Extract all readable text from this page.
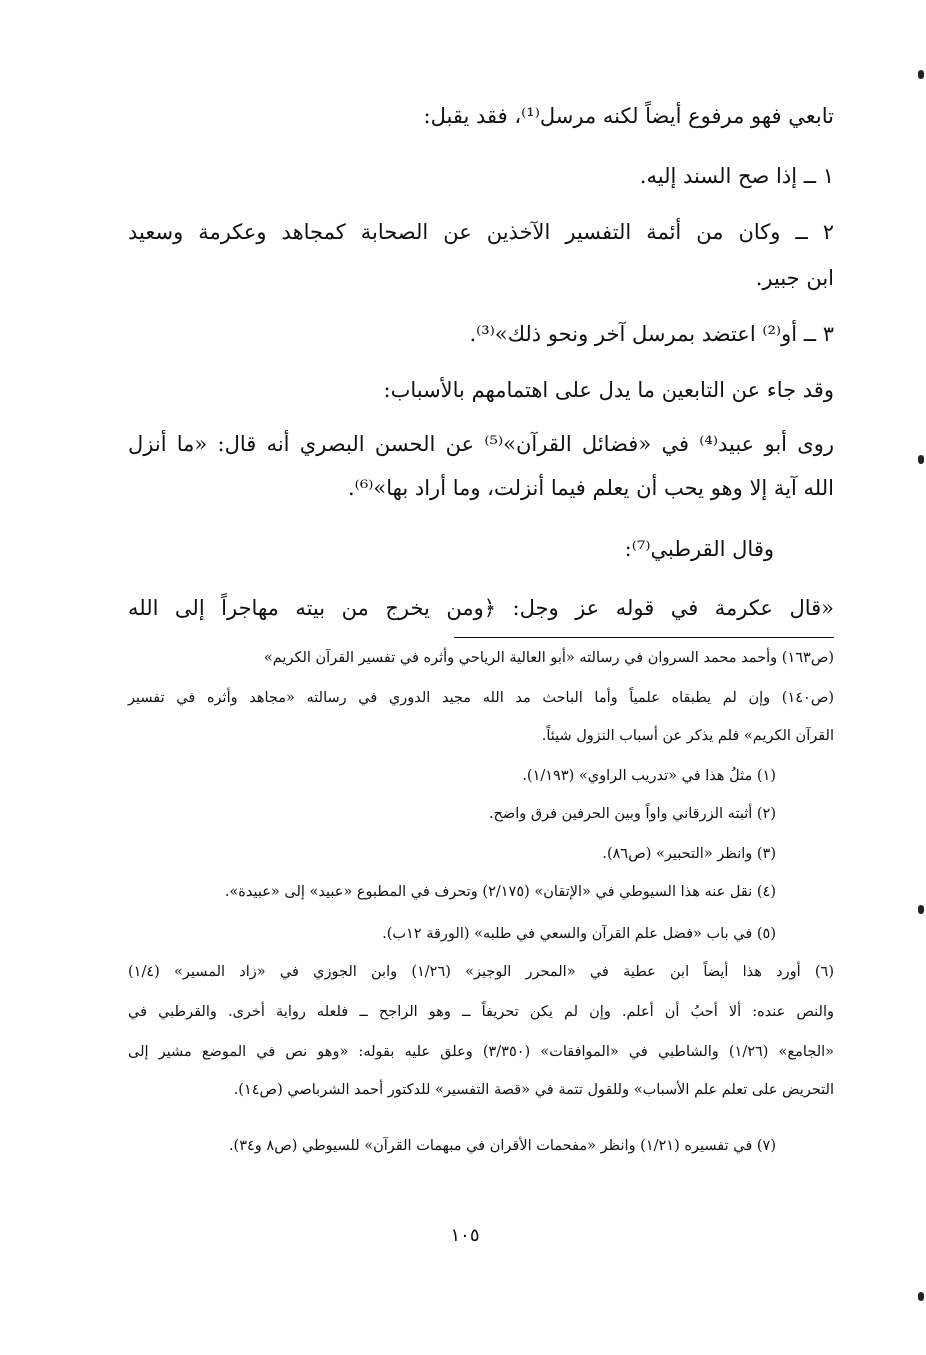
تابعي فهو مرفوع أيضاً لكنه مرسل⁽¹⁾، فقد يقبل:
١ ــ إذا صح السند إليه.
٢ ــ وكان من أئمة التفسير الآخذين عن الصحابة كمجاهد وعكرمة وسعيد
ابن جبير.
٣ ــ أو⁽²⁾ اعتضد بمرسل آخر ونحو ذلك»⁽³⁾.
وقد جاء عن التابعين ما يدل على اهتمامهم بالأسباب:
روى أبو عبيد⁽⁴⁾ في «فضائل القرآن»⁽⁵⁾ عن الحسن البصري أنه قال: «ما أنزل
الله آية إلا وهو يحب أن يعلم فيما أنزلت، وما أراد بها»⁽⁶⁾.
وقال القرطبي⁽⁷⁾:
«قال عكرمة في قوله عز وجل: ﴿ومن يخرج من بيته مهاجراً إلى الله
(ص١٦٣) وأحمد محمد السروان في رسالته «أبو العالية الرياحي وأثره في تفسير القرآن الكريم»
(ص١٤٠) وإن لم يطبقاه علمياً وأما الباحث مد الله مجيد الدوري في رسالته «مجاهد وأثره في تفسير
القرآن الكريم» فلم يذكر عن أسباب النزول شيئاً.
(١) مثلُ هذا في «تدريب الراوي» (١/١٩٣).
(٢) أثبته الزرقاني واواً وبين الحرفين فرق واضح.
(٣) وانظر «التحبير» (ص٨٦).
(٤) نقل عنه هذا السيوطي في «الإتقان» (٢/١٧٥) وتحرف في المطبوع «عبيد» إلى «عبيدة».
(٥) في باب «فضل علم القرآن والسعي في طلبه» (الورقة ١٢ب).
(٦) أورد هذا أيضاً ابن عطية في «المحرر الوجيز» (١/٢٦) وابن الجوزي في «زاد المسير» (١/٤)
والنص عنده: ألا أحبُ أن أعلم. وإن لم يكن تحريفاً ــ وهو الراجح ــ فلعله رواية أخرى. والقرطبي في
«الجامع» (١/٢٦) والشاطبي في «الموافقات» (٣/٣٥٠) وعلق عليه بقوله: «وهو نص في الموضع مشير إلى
التحريض على تعلم علم الأسباب» وللقول تتمة في «قصة التفسير» للدكتور أحمد الشرباصي (ص١٤).
(٧) في تفسيره (١/٢١) وانظر «مفحمات الأقران في مبهمات القرآن» للسيوطي (ص٨ و٣٤).
١٠٥
